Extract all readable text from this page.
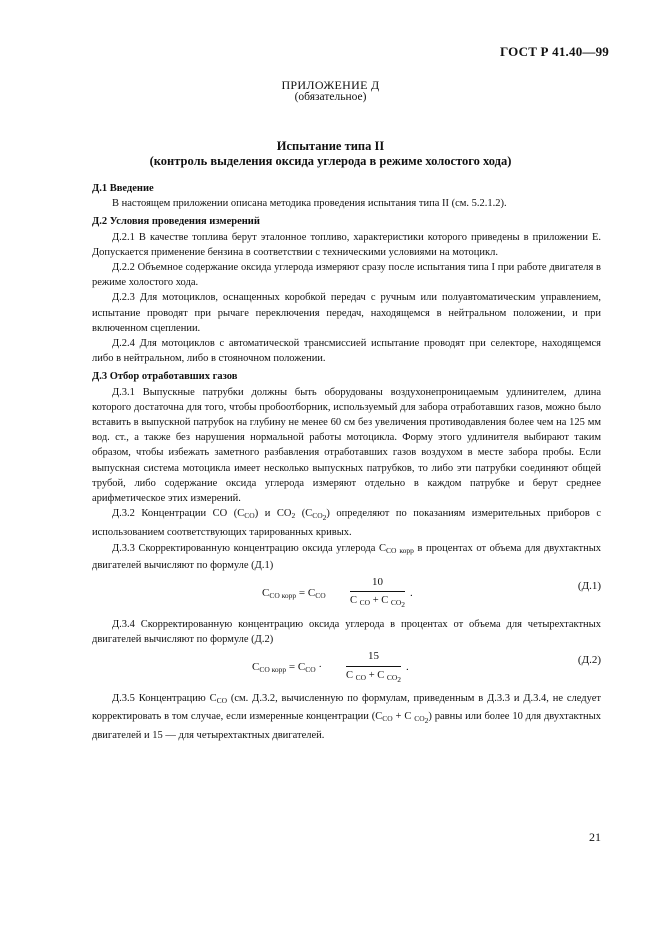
ГОСТ Р 41.40—99
ПРИЛОЖЕНИЕ Д
(обязательное)
Испытание типа II
(контроль выделения оксида углерода в режиме холостого хода)
Д.1 Введение

В настоящем приложении описана методика проведения испытания типа II (см. 5.2.1.2).

Д.2 Условия проведения измерений

Д.2.1 В качестве топлива берут эталонное топливо, характеристики которого приведены в приложении Е. Допускается применение бензина в соответствии с техническими условиями на мотоцикл.

Д.2.2 Объемное содержание оксида углерода измеряют сразу после испытания типа I при работе двигателя в режиме холостого хода.

Д.2.3 Для мотоциклов, оснащенных коробкой передач с ручным или полуавтоматическим управлением, испытание проводят при рычаге переключения передач, находящемся в нейтральном положении, и при включенном сцеплении.

Д.2.4 Для мотоциклов с автоматической трансмиссией испытание проводят при селекторе, находящемся либо в нейтральном, либо в стояночном положении.

Д.3 Отбор отработавших газов

Д.3.1 Выпускные патрубки должны быть оборудованы воздухонепроницаемым удлинителем, длина которого достаточна для того, чтобы пробоотборник, используемый для забора отработавших газов, можно было вставить в выпускной патрубок на глубину не менее 60 см без увеличения противодавления более чем на 125 мм вод. ст., а также без нарушения нормальной работы мотоцикла. Форму этого удлинителя выбирают таким образом, чтобы избежать заметного разбавления отработавших газов воздухом в месте забора пробы. Если выпускная система мотоцикла имеет несколько выпускных патрубков, то либо эти патрубки соединяют общей трубой, либо содержание оксида углерода измеряют отдельно в каждом патрубке и берут среднее арифметическое этих измерений.

Д.3.2 Концентрации CO $(C_{CO})$ и $CO_2$ $(C_{CO_2})$ определяют по показаниям измерительных приборов с использованием соответствующих тарированных кривых.

Д.3.3 Скорректированную концентрацию оксида углерода $C_{CO корр}$ в процентах от объема для двухтактных двигателей вычисляют по формуле (Д.1)

$C_{CO корр} = C_{CO} \frac{10}{C _{CO} + C _{CO_2}}$ .
(Д.1)

Д.3.4 Скорректированную концентрацию оксида углерода в процентах от объема для четырехтактных двигателей вычисляют по формуле (Д.2)

$C_{CO корр} = C_{CO} \cdot \frac{15}{C _{CO} + C _{CO_2}}$ .
(Д.2)

Д.3.5 Концентрацию $C_{CO}$ (см. Д.3.2, вычисленную по формулам, приведенным в Д.3.3 и Д.3.4, не следует корректировать в том случае, если измеренные концентрации ($C_{CO} + C$ $_{CO_2}$) равны или более 10 для двухтактных двигателей и 15 — для четырехтактных двигателей.

21
